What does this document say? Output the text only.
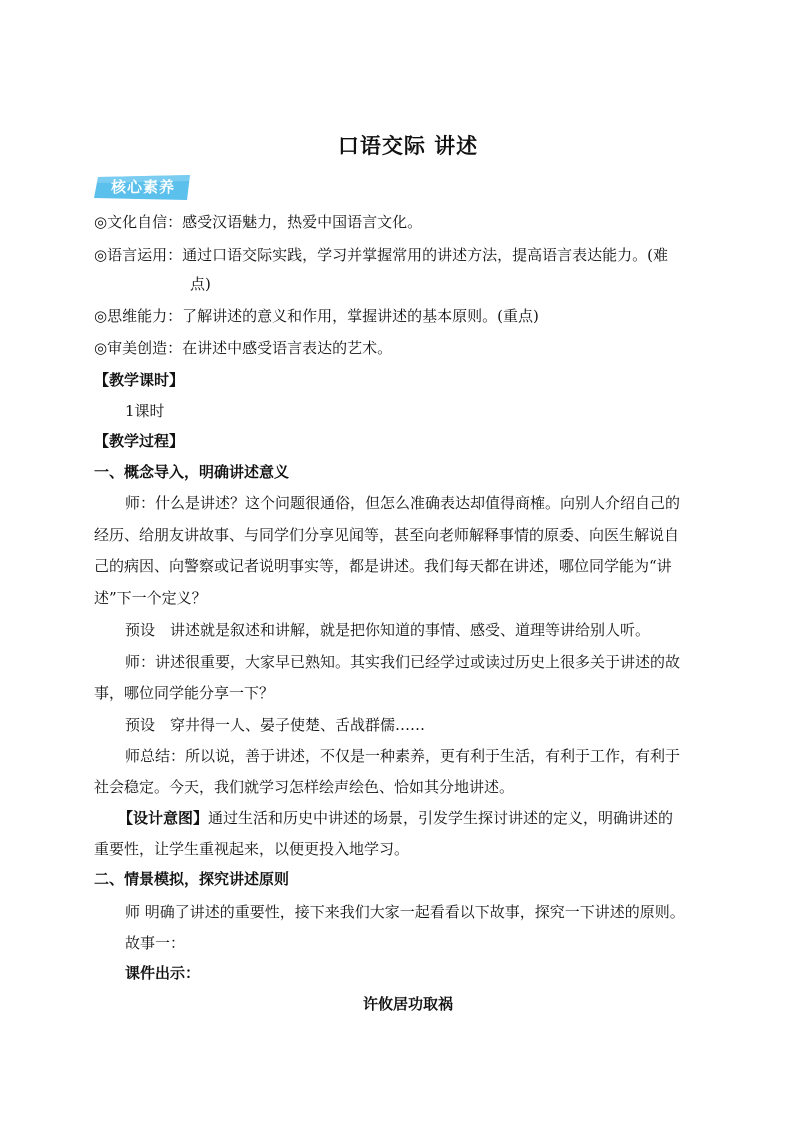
口语交际 讲述
核心素养
◎文化自信：感受汉语魅力，热爱中国语言文化。
◎语言运用：通过口语交际实践，学习并掌握常用的讲述方法，提高语言表达能力。(难
点)
◎思维能力：了解讲述的意义和作用，掌握讲述的基本原则。(重点)
◎审美创造：在讲述中感受语言表达的艺术。
【教学课时】
1课时
【教学过程】
一、概念导入，明确讲述意义
师：什么是讲述？这个问题很通俗，但怎么准确表达却值得商榷。向别人介绍自己的
经历、给朋友讲故事、与同学们分享见闻等，甚至向老师解释事情的原委、向医生解说自
己的病因、向警察或记者说明事实等，都是讲述。我们每天都在讲述，哪位同学能为“讲
述”下一个定义？
预设　讲述就是叙述和讲解，就是把你知道的事情、感受、道理等讲给别人听。
师：讲述很重要，大家早已熟知。其实我们已经学过或读过历史上很多关于讲述的故
事，哪位同学能分享一下？
预设　穿井得一人、晏子使楚、舌战群儒……
师总结：所以说，善于讲述，不仅是一种素养，更有利于生活，有利于工作，有利于
社会稳定。今天，我们就学习怎样绘声绘色、恰如其分地讲述。
【设计意图】通过生活和历史中讲述的场景，引发学生探讨讲述的定义，明确讲述的
重要性，让学生重视起来，以便更投入地学习。
二、情景模拟，探究讲述原则
师 明确了讲述的重要性，接下来我们大家一起看看以下故事，探究一下讲述的原则。
故事一：
课件出示：
许攸居功取祸
